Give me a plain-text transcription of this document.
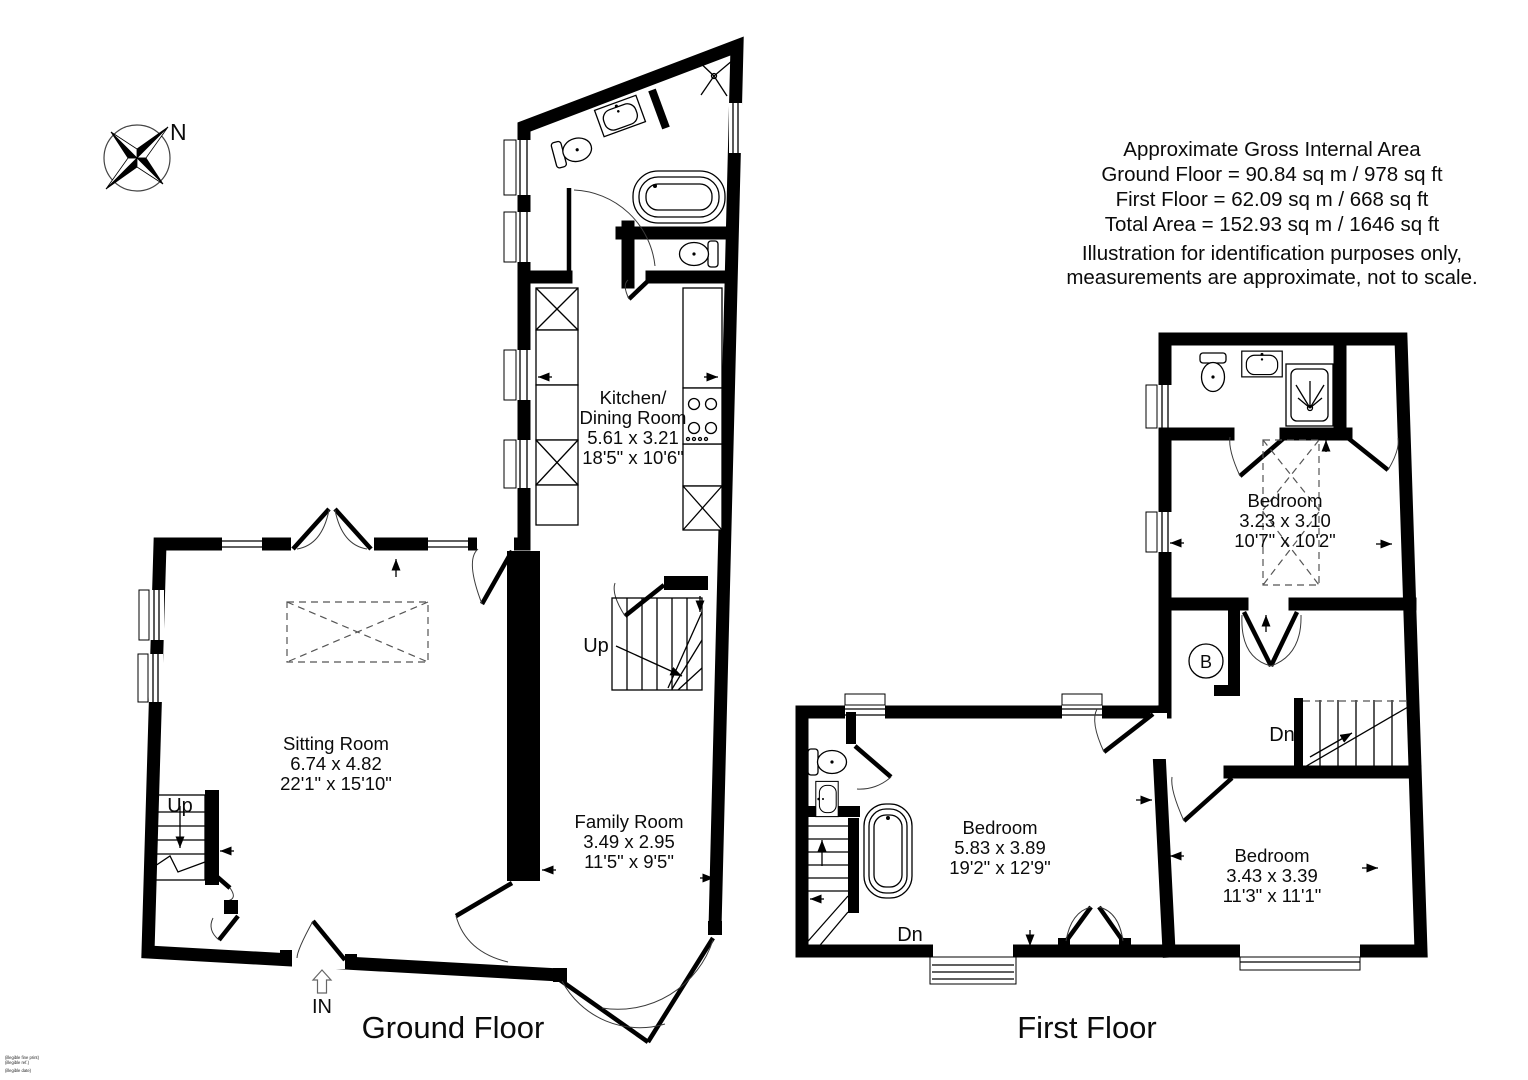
Kitchen/
Dining Room
5.61 x 3.21
18'5" x 10'6"
Sitting Room
6.74 x 4.82
22'1" x 15'10"
Family Room
3.49 x 2.95
11'5" x 9'5"
Up
Up
IN
Ground Floor
B
Bedroom
3.23 x 3.10
10'7" x 10'2"
Bedroom
5.83 x 3.89
19'2" x 12'9"
Bedroom
3.43 x 3.39
11'3" x 11'1"
Dn
Dn
First Floor
N
Approximate Gross Internal Area
Ground Floor = 90.84 sq m / 978 sq ft
First Floor = 62.09 sq m / 668 sq ft
Total Area = 152.93 sq m / 1646 sq ft
Illustration for identification purposes only,
measurements are approximate, not to scale.
(illegible fine print)
(illegible ref.)
(illegible date)
